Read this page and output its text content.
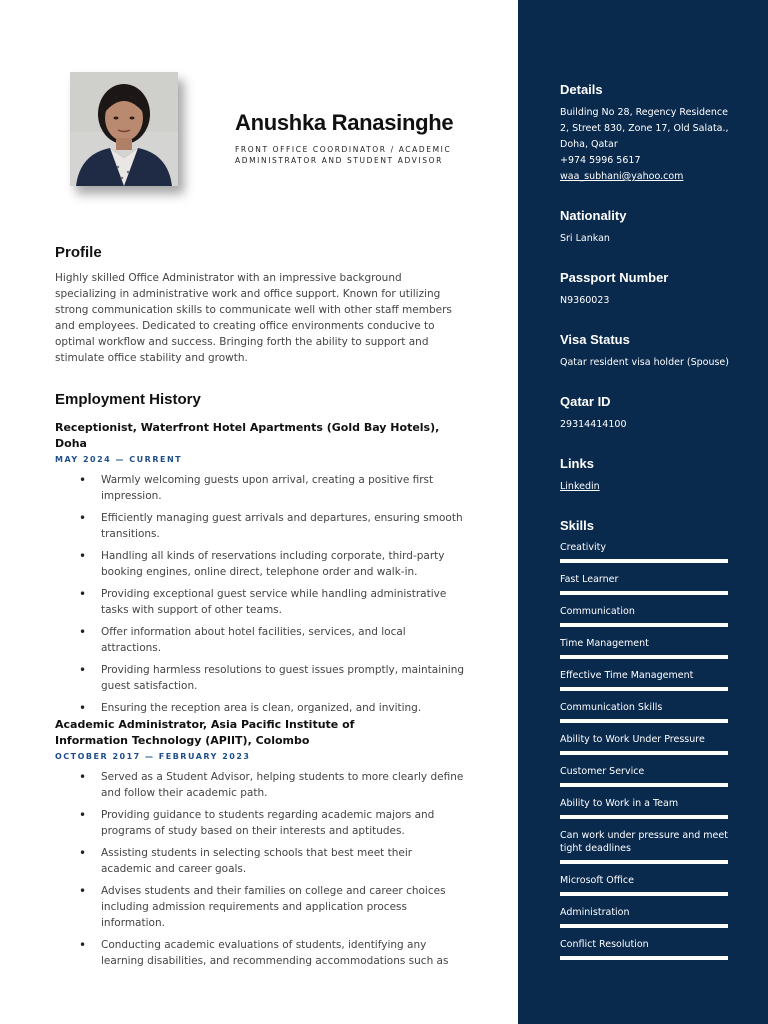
Anushka Ranasinghe
FRONT OFFICE COORDINATOR / ACADEMIC ADMINISTRATOR AND STUDENT ADVISOR
Profile
Highly skilled Office Administrator with an impressive background specializing in administrative work and office support. Known for utilizing strong communication skills to communicate well with other staff members and employees. Dedicated to creating office environments conducive to optimal workflow and success. Bringing forth the ability to support and stimulate office stability and growth.
Employment History
Receptionist, Waterfront Hotel Apartments (Gold Bay Hotels), Doha
MAY 2024 — CURRENT
• Warmly welcoming guests upon arrival, creating a positive first impression.
• Efficiently managing guest arrivals and departures, ensuring smooth transitions.
• Handling all kinds of reservations including corporate, third-party booking engines, online direct, telephone order and walk-in.
• Providing exceptional guest service while handling administrative tasks with support of other teams.
• Offer information about hotel facilities, services, and local attractions.
• Providing harmless resolutions to guest issues promptly, maintaining guest satisfaction.
• Ensuring the reception area is clean, organized, and inviting.
Academic Administrator, Asia Pacific Institute of Information Technology (APIIT), Colombo
OCTOBER 2017 — FEBRUARY 2023
• Served as a Student Advisor, helping students to more clearly define and follow their academic path.
• Providing guidance to students regarding academic majors and programs of study based on their interests and aptitudes.
• Assisting students in selecting schools that best meet their academic and career goals.
• Advises students and their families on college and career choices including admission requirements and application process information.
• Conducting academic evaluations of students, identifying any learning disabilities, and recommending accommodations such as
Details
Building No 28, Regency Residence
2, Street 830, Zone 17, Old Salata.,
Doha, Qatar
+974 5996 5617
waa_subhani@yahoo.com
Nationality
Sri Lankan
Passport Number
N9360023
Visa Status
Qatar resident visa holder (Spouse)
Qatar ID
29314414100
Links
Linkedin
Skills
Creativity
Fast Learner
Communication
Time Management
Effective Time Management
Communication Skills
Ability to Work Under Pressure
Customer Service
Ability to Work in a Team
Can work under pressure and meet tight deadlines
Microsoft Office
Administration
Conflict Resolution
